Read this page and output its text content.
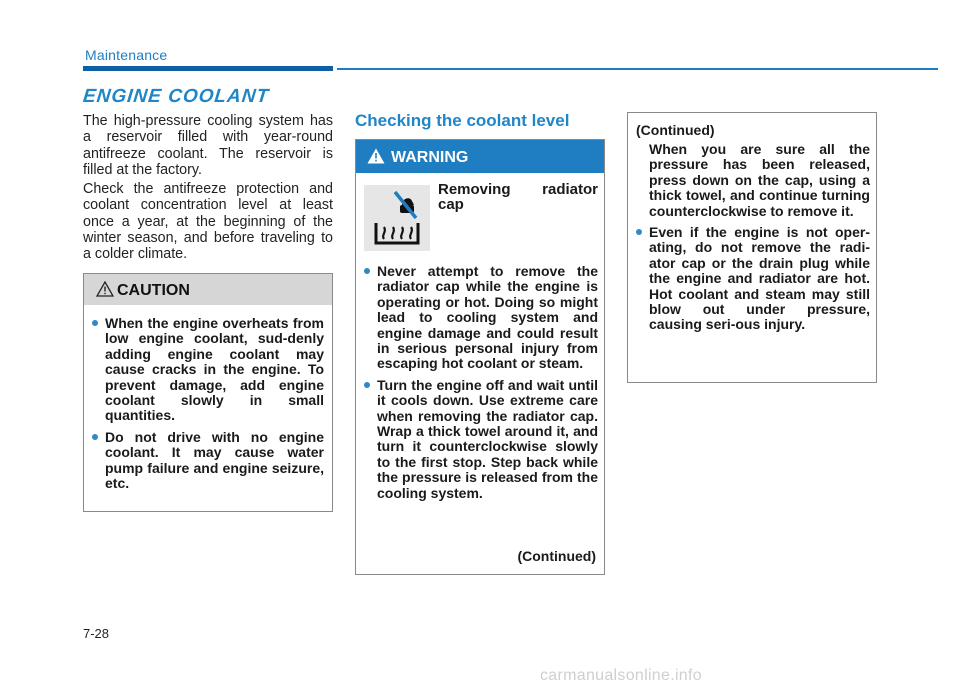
Maintenance
ENGINE COOLANT
The high-pressure cooling system has a reservoir filled with year-round antifreeze coolant. The reservoir is filled at the factory.
Check the antifreeze protection and coolant concentration level at least once a year, at the beginning of the winter season, and before traveling to a colder climate.
CAUTION
When the engine overheats from low engine coolant, sud-denly adding engine coolant may cause cracks in the engine. To prevent damage, add engine coolant slowly in small quantities.
Do not drive with no engine coolant. It may cause water pump failure and engine seizure, etc.
Checking the coolant level
WARNING
Removing radiator cap
Never attempt to remove the radiator cap while the engine is operating or hot. Doing so might lead to cooling system and engine damage and could result in serious personal injury from escaping hot coolant or steam.
Turn the engine off and wait until it cools down. Use extreme care when removing the radiator cap. Wrap a thick towel around it, and turn it counterclockwise slowly to the first stop. Step back while the pressure is released from the cooling system.
(Continued)
(Continued)
When you are sure all the pressure has been released, press down on the cap, using a thick towel, and continue turning counterclockwise to remove it.
Even if the engine is not oper-ating, do not remove the radi-ator cap or the drain plug while the engine and radiator are hot. Hot coolant and steam may still blow out under pressure, causing seri-ous injury.
7-28
carmanualsonline.info
